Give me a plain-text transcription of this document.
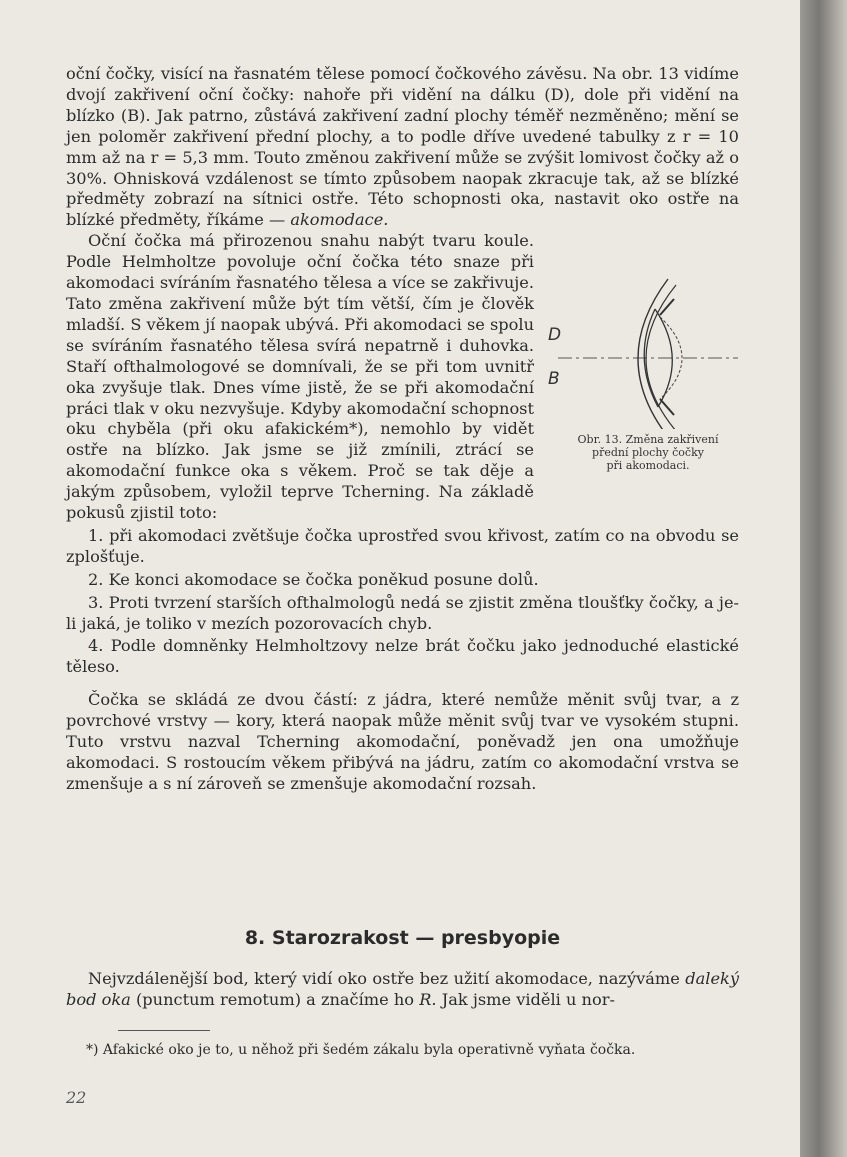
oční čočky, visící na řasnatém tělese pomocí čočkového závěsu. Na obr. 13 vidíme dvojí zakřivení oční čočky: nahoře při vidění na dálku (D), dole při vidění na blízko (B). Jak patrno, zůstává zakřivení zadní plochy téměř nezměněno; mění se jen poloměr zakřivení přední plochy, a to podle dříve uvedené tabulky z r = 10 mm až na r = 5,3 mm. Touto změnou zakřivení může se zvýšit lomivost čočky až o 30%. Ohnisková vzdálenost se tímto způsobem naopak zkracuje tak, až se blízké předměty zobrazí na sítnici ostře. Této schopnosti oka, nastavit oko ostře na blízké předměty, říkáme — akomodace.

D
B
Obr. 13. Změna zakřivení
přední plochy čočky
při akomodaci.

Oční čočka má přirozenou snahu nabýt tvaru koule. Podle Helmholtze povoluje oční čočka této snaze při akomodaci svíráním řasnatého tělesa a více se zakřivuje. Tato změna zakřivení může být tím větší, čím je člověk mladší. S věkem jí naopak ubývá. Při akomodaci se spolu se svíráním řasnatého tělesa svírá nepatrně i duhovka. Staří ofthalmologové se domnívali, že se při tom uvnitř oka zvyšuje tlak. Dnes víme jistě, že se při akomodační práci tlak v oku nezvyšuje. Kdyby akomodační schopnost oku chyběla (při oku afakickém*), nemohlo by vidět ostře na blízko. Jak jsme se již zmínili, ztrácí se akomodační funkce oka s věkem. Proč se tak děje a jakým způsobem, vyložil teprve Tcherning. Na základě pokusů zjistil toto:

1. při akomodaci zvětšuje čočka uprostřed svou křivost, zatím co na obvodu se zplošťuje.

2. Ke konci akomodace se čočka poněkud posune dolů.

3. Proti tvrzení starších ofthalmologů nedá se zjistit změna tloušťky čočky, a je-li jaká, je toliko v mezích pozorovacích chyb.

4. Podle domněnky Helmholtzovy nelze brát čočku jako jednoduché elastické těleso.

Čočka se skládá ze dvou částí: z jádra, které nemůže měnit svůj tvar, a z povrchové vrstvy — kory, která naopak může měnit svůj tvar ve vysokém stupni. Tuto vrstvu nazval Tcherning akomodační, poněvadž jen ona umožňuje akomodaci. S rostoucím věkem přibývá na jádru, zatím co akomodační vrstva se zmenšuje a s ní zároveň se zmenšuje akomodační rozsah.

8. Starozrakost — presbyopie

Nejvzdálenější bod, který vidí oko ostře bez užití akomodace, nazýváme daleký bod oka (punctum remotum) a značíme ho R. Jak jsme viděli u nor-

*) Afakické oko je to, u něhož při šedém zákalu byla operativně vyňata čočka.
22
